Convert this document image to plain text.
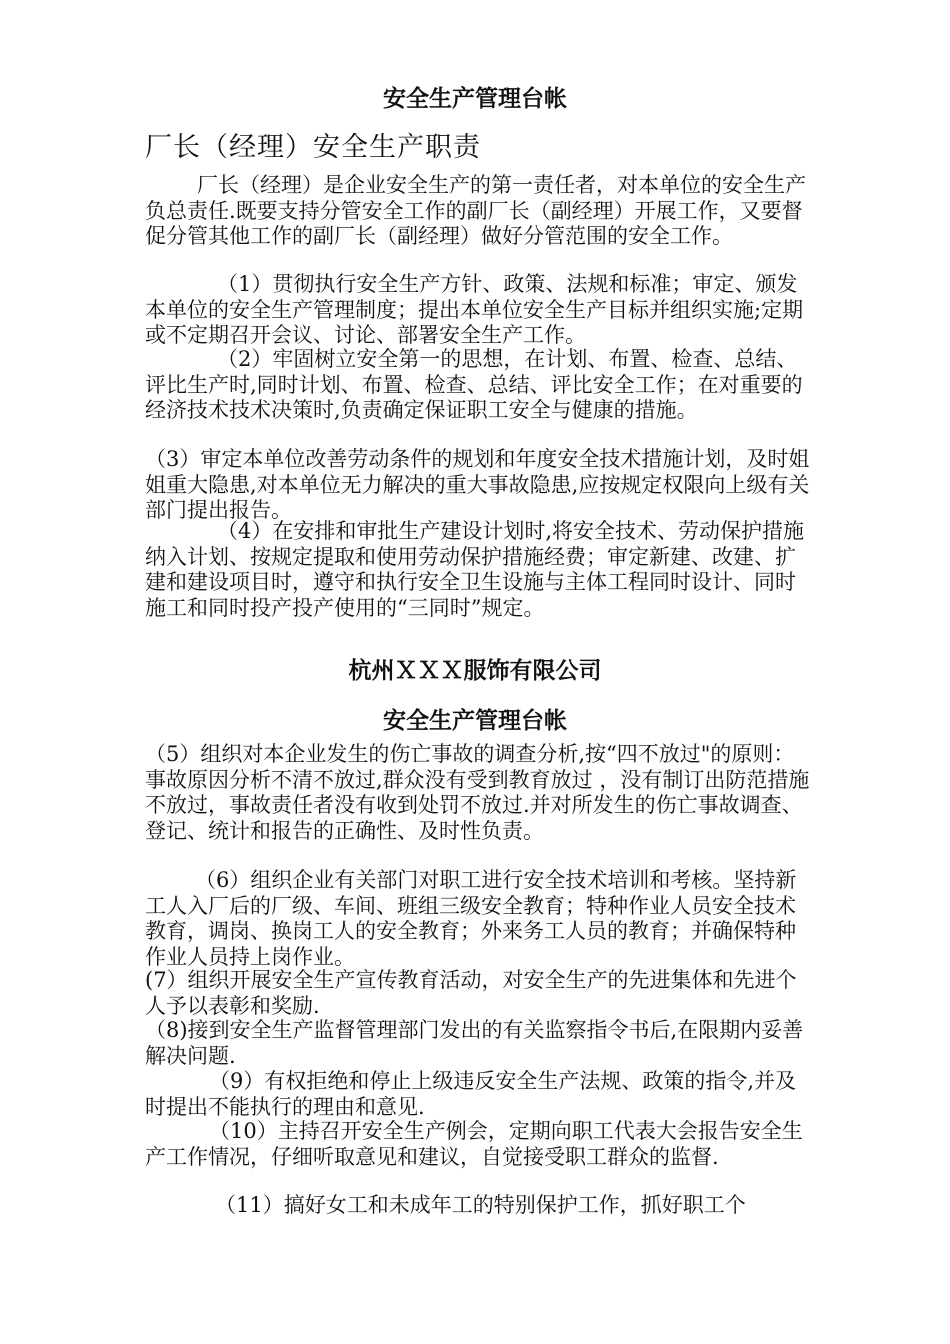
安全生产管理台帐
厂长（经理）安全生产职责
厂长（经理）是企业安全生产的第一责任者，对本单位的安全生产负总责任.既要支持分管安全工作的副厂长（副经理）开展工作，又要督促分管其他工作的副厂长（副经理）做好分管范围的安全工作。
（1）贯彻执行安全生产方针、政策、法规和标准；审定、颁发本单位的安全生产管理制度；提出本单位安全生产目标并组织实施;定期或不定期召开会议、讨论、部署安全生产工作。
（2）牢固树立安全第一的思想，在计划、布置、检查、总结、评比生产时,同时计划、布置、检查、总结、评比安全工作；在对重要的经济技术技术决策时,负责确定保证职工安全与健康的措施。
（3）审定本单位改善劳动条件的规划和年度安全技术措施计划，及时姐姐重大隐患,对本单位无力解决的重大事故隐患,应按规定权限向上级有关部门提出报告。
（4）在安排和审批生产建设计划时,将安全技术、劳动保护措施纳入计划、按规定提取和使用劳动保护措施经费；审定新建、改建、扩建和建设项目时，遵守和执行安全卫生设施与主体工程同时设计、同时施工和同时投产投产使用的“三同时”规定。
杭州ＸＸＸ服饰有限公司
安全生产管理台帐
（5）组织对本企业发生的伤亡事故的调查分析,按“四不放过"的原则：事故原因分析不清不放过,群众没有受到教育放过 ，没有制订出防范措施不放过，事故责任者没有收到处罚不放过.并对所发生的伤亡事故调查、登记、统计和报告的正确性、及时性负责。
（6）组织企业有关部门对职工进行安全技术培训和考核。坚持新工人入厂后的厂级、车间、班组三级安全教育；特种作业人员安全技术教育，调岗、换岗工人的安全教育；外来务工人员的教育；并确保特种作业人员持上岗作业。
(7）组织开展安全生产宣传教育活动，对安全生产的先进集体和先进个人予以表彰和奖励.
（8)接到安全生产监督管理部门发出的有关监察指令书后,在限期内妥善解决问题.
（9）有权拒绝和停止上级违反安全生产法规、政策的指令,并及时提出不能执行的理由和意见.
（10）主持召开安全生产例会，定期向职工代表大会报告安全生产工作情况，仔细听取意见和建议，自觉接受职工群众的监督.
（11）搞好女工和未成年工的特别保护工作，抓好职工个
